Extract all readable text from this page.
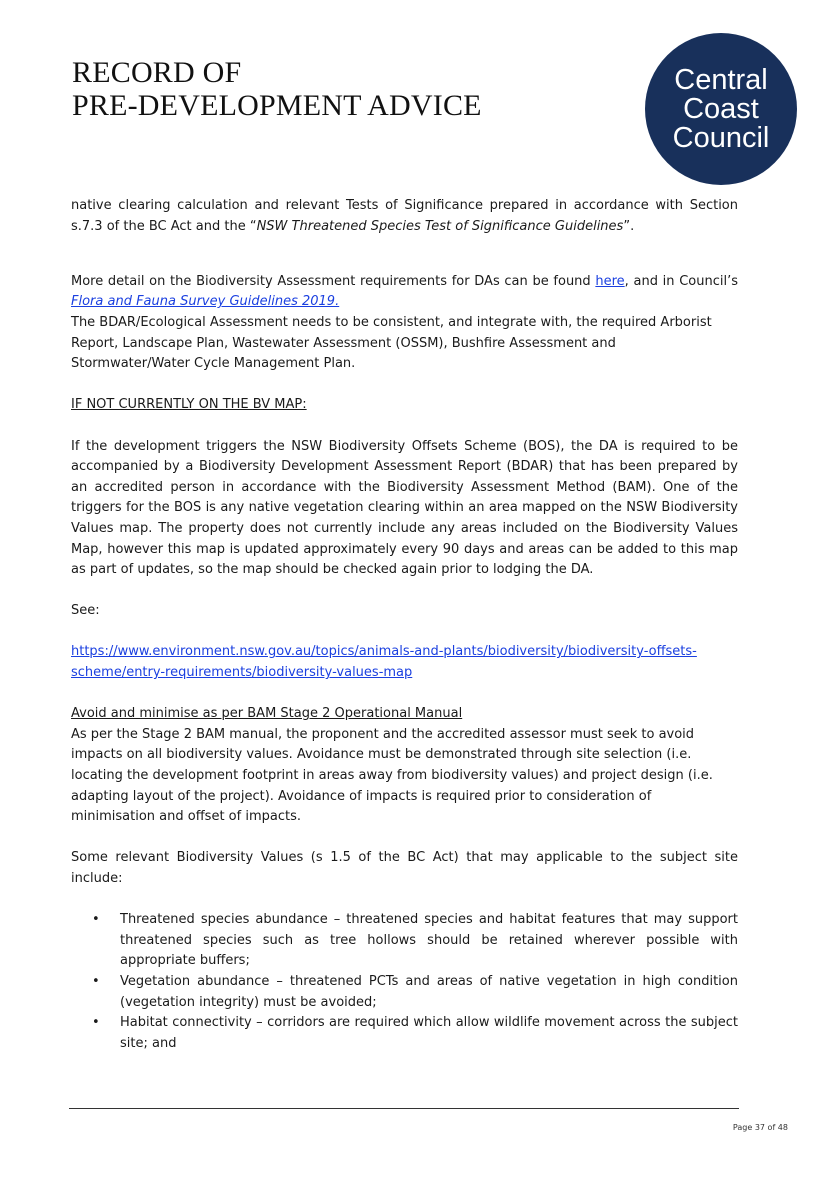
RECORD OF
PRE-DEVELOPMENT ADVICE
Central
Coast
Council

native clearing calculation and relevant Tests of Significance prepared in accordance with Section s.7.3 of the BC Act and the “NSW Threatened Species Test of Significance Guidelines”.

More detail on the Biodiversity Assessment requirements for DAs can be found here, and in Council’s Flora and Fauna Survey Guidelines 2019.

The BDAR/Ecological Assessment needs to be consistent, and integrate with, the required Arborist Report, Landscape Plan, Wastewater Assessment (OSSM), Bushfire Assessment and Stormwater/Water Cycle Management Plan.

IF NOT CURRENTLY ON THE BV MAP:

If the development triggers the NSW Biodiversity Offsets Scheme (BOS), the DA is required to be accompanied by a Biodiversity Development Assessment Report (BDAR) that has been prepared by an accredited person in accordance with the Biodiversity Assessment Method (BAM). One of the triggers for the BOS is any native vegetation clearing within an area mapped on the NSW Biodiversity Values map. The property does not currently include any areas included on the Biodiversity Values Map, however this map is updated approximately every 90 days and areas can be added to this map as part of updates, so the map should be checked again prior to lodging the DA.

See:

https://www.environment.nsw.gov.au/topics/animals-and-plants/biodiversity/biodiversity-offsets-
scheme/entry-requirements/biodiversity-values-map

Avoid and minimise as per BAM Stage 2 Operational Manual

As per the Stage 2 BAM manual, the proponent and the accredited assessor must seek to avoid impacts on all biodiversity values. Avoidance must be demonstrated through site selection (i.e. locating the development footprint in areas away from biodiversity values) and project design (i.e. adapting layout of the project). Avoidance of impacts is required prior to consideration of minimisation and offset of impacts.

Some relevant Biodiversity Values (s 1.5 of the BC Act) that may applicable to the subject site include:

• Threatened species abundance – threatened species and habitat features that may support threatened species such as tree hollows should be retained wherever possible with appropriate buffers;
• Vegetation abundance – threatened PCTs and areas of native vegetation in high condition (vegetation integrity) must be avoided;
• Habitat connectivity – corridors are required which allow wildlife movement across the subject site; and
Page 37 of 48
